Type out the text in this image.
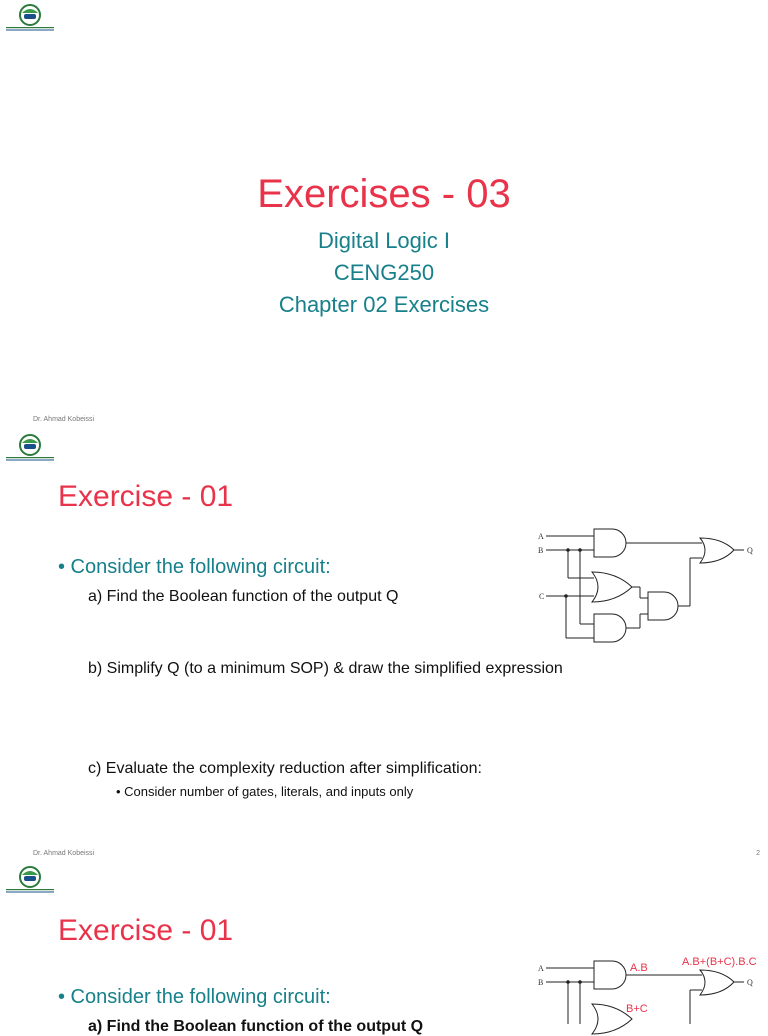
Exercises - 03
Digital Logic I
CENG250
Chapter 02 Exercises
Dr. Ahmad Kobeissi
Exercise - 01
• Consider the following circuit:
a) Find the Boolean function of the output Q
b) Simplify Q (to a minimum SOP) & draw the simplified expression
c) Evaluate the complexity reduction after simplification:
• Consider number of gates, literals, and inputs only
A
B
C
Q
Dr. Ahmad Kobeissi	2
Exercise - 01
• Consider the following circuit:
a) Find the Boolean function of the output Q
A
B	Q
A.B	A.B+(B+C).B.C
B+C
